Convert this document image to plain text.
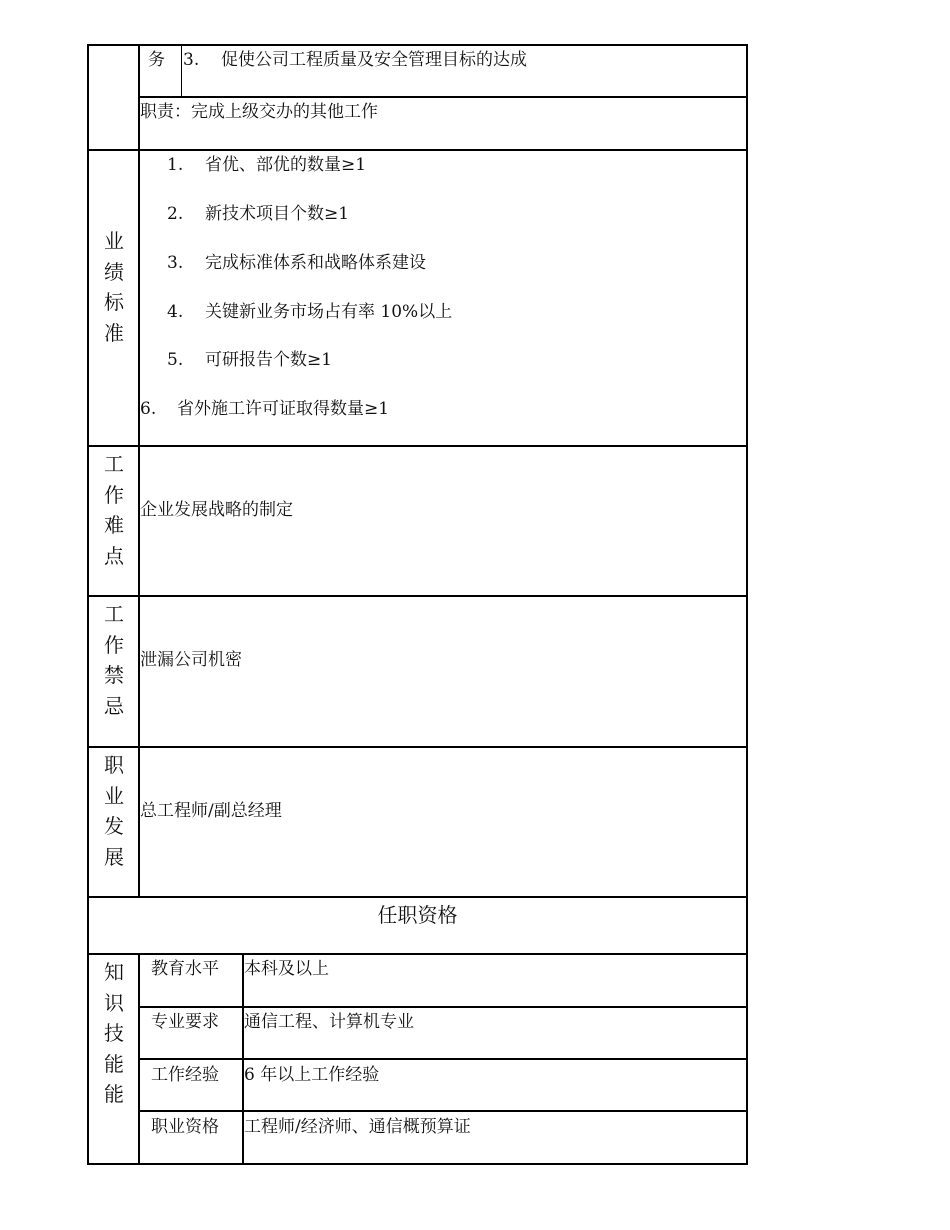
务 3. 促使公司工程质量及安全管理目标的达成
职责：完成上级交办的其他工作
业
绩
标
准
1. 省优、部优的数量≥1
2. 新技术项目个数≥1
3. 完成标准体系和战略体系建设
4. 关键新业务市场占有率 10%以上
5. 可研报告个数≥1
6. 省外施工许可证取得数量≥1
工
作
难
点
企业发展战略的制定
工
作
禁
忌
泄漏公司机密
职
业
发
展
总工程师/副总经理
任职资格
知
识
技
能
能
教育水平 本科及以上
专业要求 通信工程、计算机专业
工作经验 6 年以上工作经验
职业资格 工程师/经济师、通信概预算证
